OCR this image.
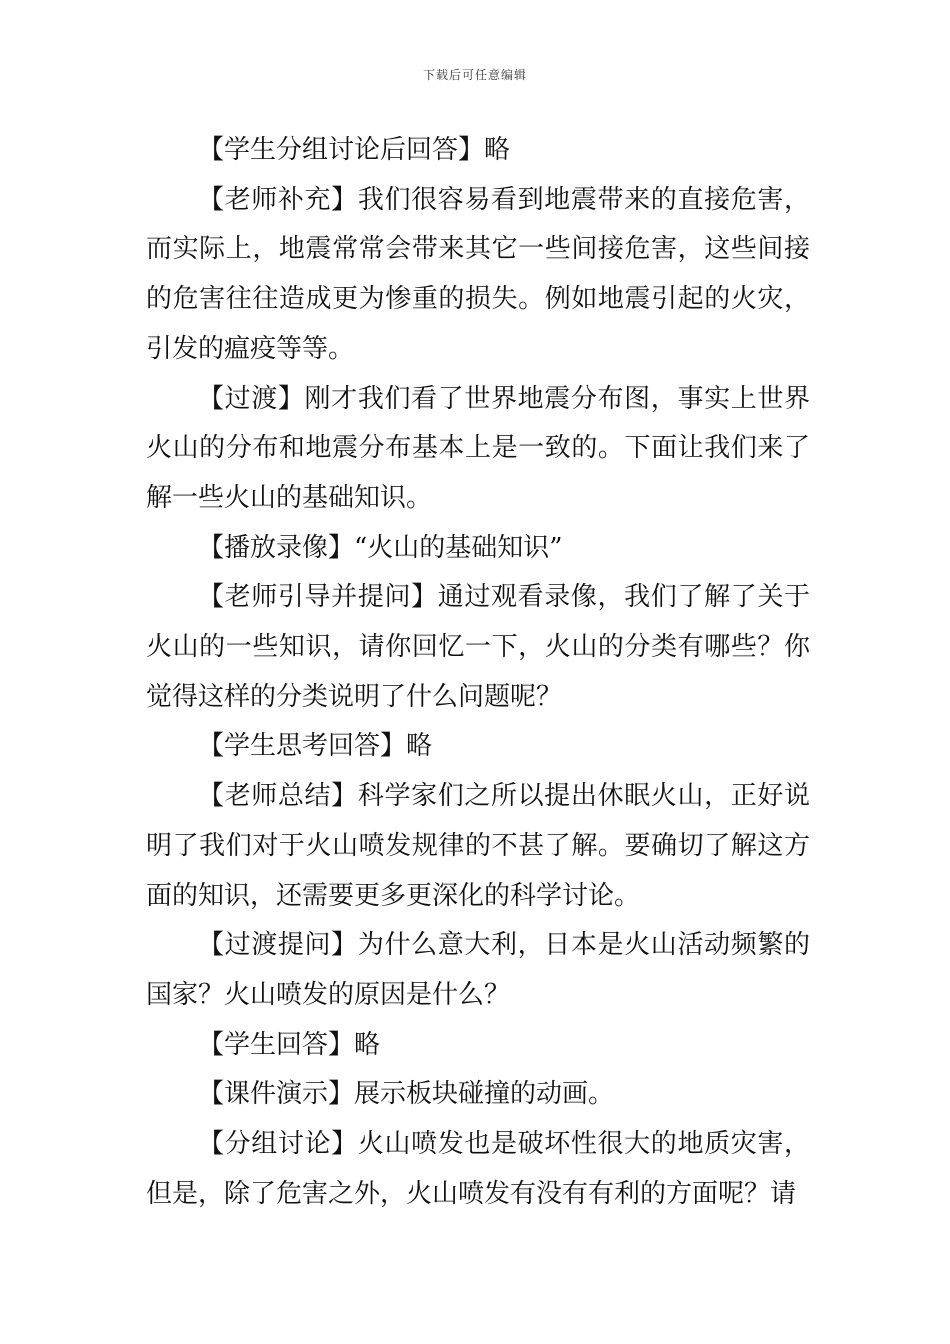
下载后可任意编辑

【学生分组讨论后回答】略

【老师补充】我们很容易看到地震带来的直接危害，而实际上，地震常常会带来其它一些间接危害，这些间接的危害往往造成更为惨重的损失。例如地震引起的火灾，引发的瘟疫等等。

【过渡】刚才我们看了世界地震分布图，事实上世界火山的分布和地震分布基本上是一致的。下面让我们来了解一些火山的基础知识。

【播放录像】“火山的基础知识”

【老师引导并提问】通过观看录像，我们了解了关于火山的一些知识，请你回忆一下，火山的分类有哪些？你觉得这样的分类说明了什么问题呢？

【学生思考回答】略

【老师总结】科学家们之所以提出休眠火山，正好说明了我们对于火山喷发规律的不甚了解。要确切了解这方面的知识，还需要更多更深化的科学讨论。

【过渡提问】为什么意大利，日本是火山活动频繁的国家？火山喷发的原因是什么？

【学生回答】略

【课件演示】展示板块碰撞的动画。

【分组讨论】火山喷发也是破坏性很大的地质灾害，但是，除了危害之外，火山喷发有没有有利的方面呢？请
